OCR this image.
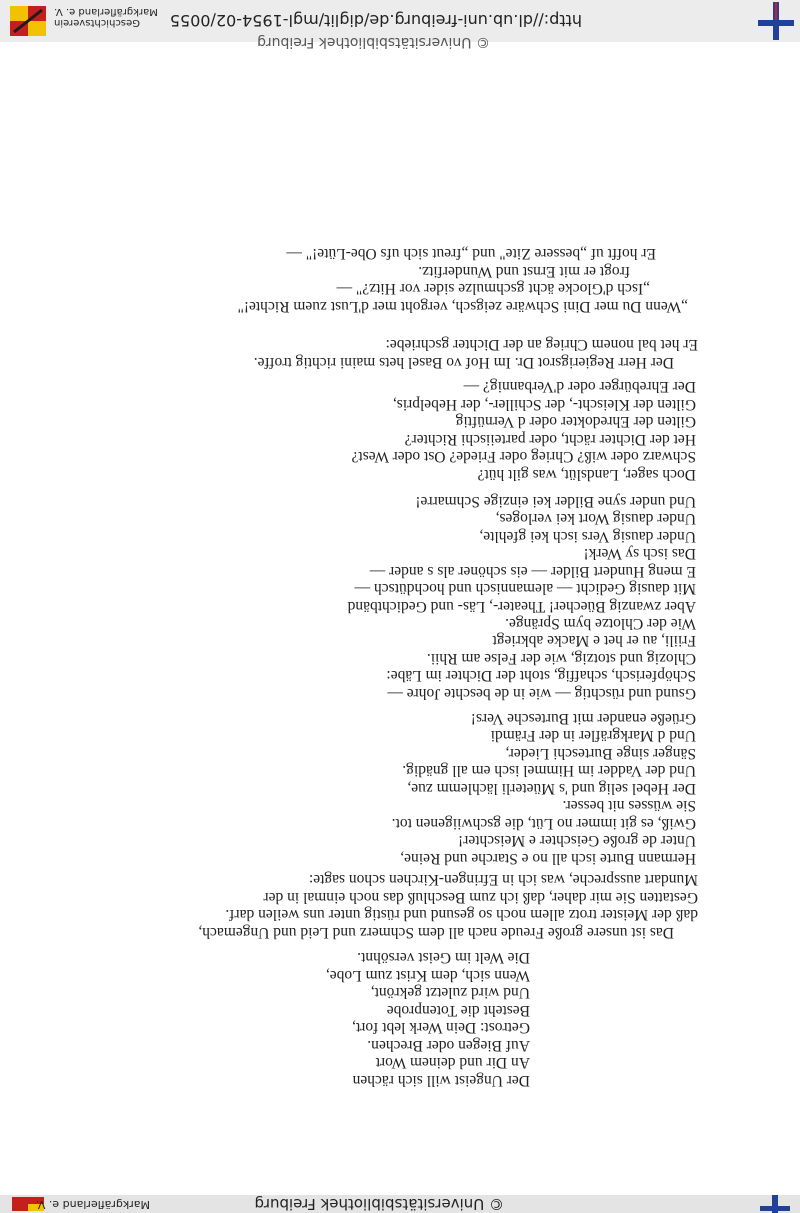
Geschichtsverein Markgräflerland e. V. http://dl.ub.uni-freiburg.de/diglit/mgl-1954-02/0055
© Universitätsbibliothek Freiburg
Der Ungeist will sich rächen
An Dir und deinem Wort
Auf Biegen oder Brechen.
Getrost: Dein Werk lebt fort,
Besteht die Totenprobe
Und wird zuletzt gekrönt,
Wenn sich, dem Krist zum Lobe,
Die Welt im Geist versöhnt.
Das ist unsere große Freude nach all dem Schmerz und Leid und Ungemach,
daß der Meister trotz allem noch so gesund und rüstig unter uns weilen darf.
Gestatten Sie mir daher, daß ich zum Beschluß das noch einmal in der
Mundart ausspreche, was ich in Efringen-Kirchen schon sagte:
Hermann Burte isch all no e Starche und Reine,
Unter de große Geischter e Meischter!
Gwiß, es git immer no Lüt, die gschwiigenen tot.
Sie wüsses nit besser.
Der Hebel selig und 's Müeterli lächlemm zue,
Und der Vadder im Himmel isch em all gnädig.
Sänger singe Burteschi Lieder,
Und d Markgräfler in der Främdi
Grüeße enander mit Burtesche Vers!
Gsund und rüschtig — wie in de beschte Johre —
Schöpferisch, schaffig, stoht der Dichter im Läbe:
Chlozig und stotzig, wie der Felse am Rhii.
Friili, au er het e Macke abkriegt
Wie der Chlotze bym Sprängе.
Aber zwanzig Büecher! Theater-, Läs- und Gedichtbänd
Mit dausig Gedicht — alemannisch und hochdütsch —
E meng Hundert Bilder — eis schöner als s ander —
Das isch sy Werk!
Under dausig Vers isch kei gfehlte,
Under dausig Wort kei verloges,
Und under syne Bilder kei einzige Schmarre!
Doch sager, Landslüt, was gilt hüt?
Schwarz oder wiß? Chrieg oder Friede? Ost oder West?
Het der Dichter rächt, oder parteiischi Richter?
Gilten der Ehredokter oder d Vernüftig
Gilten der Kleischt-, der Schiller-, der Hebelpris,
Der Ehrebürger oder d'Verbannig? —
Der Herr Regierigsrot Dr. Im Hof vo Basel hets maini richtig troffe.
Er het bal nonem Chrieg an der Dichter gschriebe:
„Wenn Du mer Dini Schwäre zeigsch, vergoht mer d'Lust zuem Richte!"
„Isch d'Glocke ächt gschmulze sider vor Hitz?" —
frogt er mit Ernst und Wunderfitz.
Er hofft uf „bessere Zite" und „freut sich ufs Obe-Lüte!" —
Markgräflerland e. V.	© Universitätsbibliothek Freiburg
